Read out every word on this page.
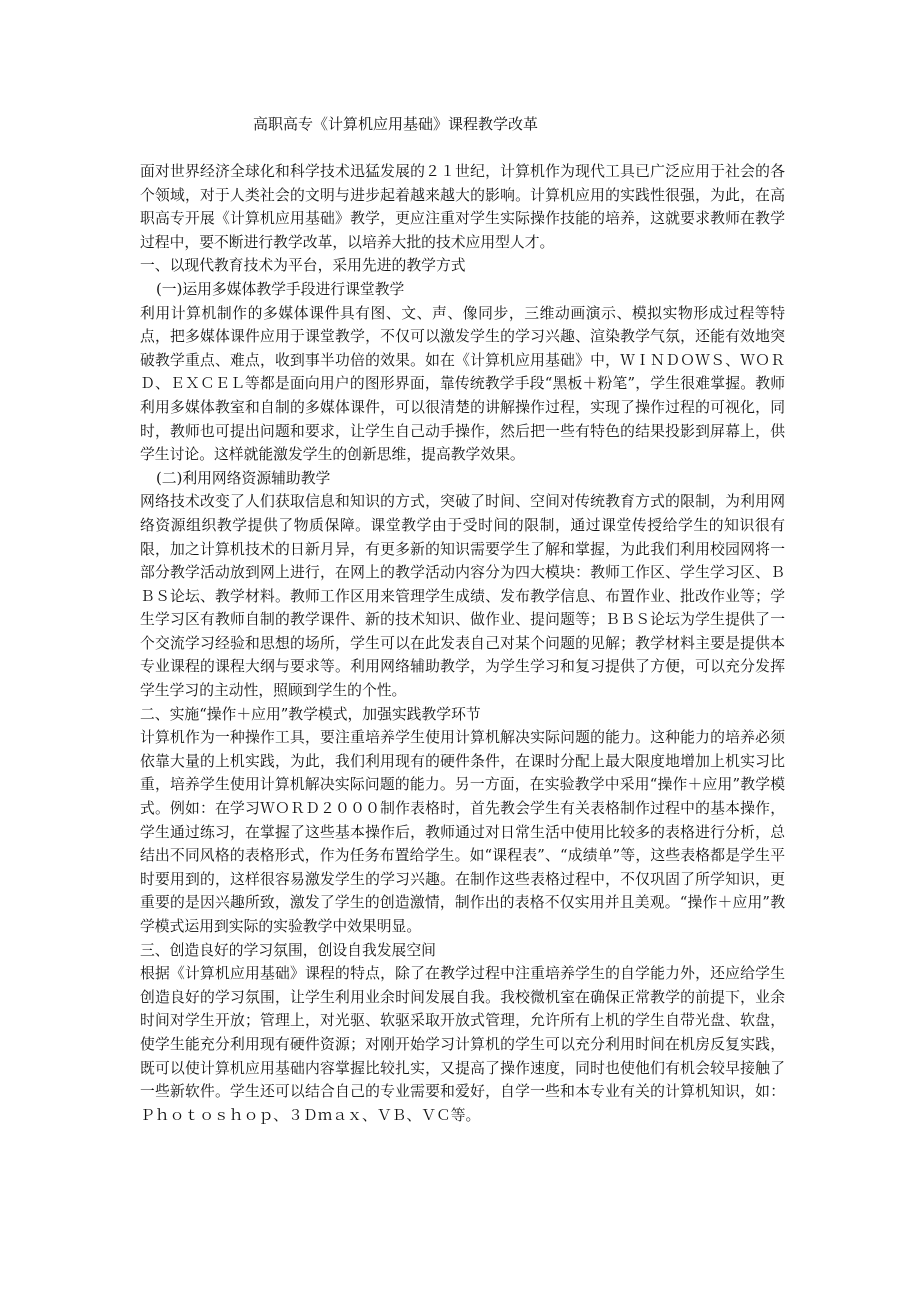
高职高专《计算机应用基础》课程教学改革

面对世界经济全球化和科学技术迅猛发展的２１世纪，计算机作为现代工具已广泛应用于社会的各个领域，对于人类社会的文明与进步起着越来越大的影响。计算机应用的实践性很强，为此，在高职高专开展《计算机应用基础》教学，更应注重对学生实际操作技能的培养，这就要求教师在教学过程中，要不断进行教学改革，以培养大批的技术应用型人才。

一、以现代教育技术为平台，采用先进的教学方式

(一)运用多媒体教学手段进行课堂教学

利用计算机制作的多媒体课件具有图、文、声、像同步，三维动画演示、模拟实物形成过程等特点，把多媒体课件应用于课堂教学，不仅可以激发学生的学习兴趣、渲染教学气氛，还能有效地突破教学重点、难点，收到事半功倍的效果。如在《计算机应用基础》中，ＷＩＮＤＯＷＳ、ＷＯＲＤ、ＥＸＣＥＬ等都是面向用户的图形界面，靠传统教学手段“黑板＋粉笔”，学生很难掌握。教师利用多媒体教室和自制的多媒体课件，可以很清楚的讲解操作过程，实现了操作过程的可视化，同时，教师也可提出问题和要求，让学生自己动手操作，然后把一些有特色的结果投影到屏幕上，供学生讨论。这样就能激发学生的创新思维，提高教学效果。

(二)利用网络资源辅助教学

网络技术改变了人们获取信息和知识的方式，突破了时间、空间对传统教育方式的限制，为利用网络资源组织教学提供了物质保障。课堂教学由于受时间的限制，通过课堂传授给学生的知识很有限，加之计算机技术的日新月异，有更多新的知识需要学生了解和掌握，为此我们利用校园网将一部分教学活动放到网上进行，在网上的教学活动内容分为四大模块：教师工作区、学生学习区、ＢＢＳ论坛、教学材料。教师工作区用来管理学生成绩、发布教学信息、布置作业、批改作业等；学生学习区有教师自制的教学课件、新的技术知识、做作业、提问题等；ＢＢＳ论坛为学生提供了一个交流学习经验和思想的场所，学生可以在此发表自己对某个问题的见解；教学材料主要是提供本专业课程的课程大纲与要求等。利用网络辅助教学，为学生学习和复习提供了方便，可以充分发挥学生学习的主动性，照顾到学生的个性。

二、实施“操作＋应用”教学模式，加强实践教学环节

计算机作为一种操作工具，要注重培养学生使用计算机解决实际问题的能力。这种能力的培养必须依靠大量的上机实践，为此，我们利用现有的硬件条件，在课时分配上最大限度地增加上机实习比重，培养学生使用计算机解决实际问题的能力。另一方面，在实验教学中采用“操作＋应用”教学模式。例如：在学习ＷＯＲＤ２０００制作表格时，首先教会学生有关表格制作过程中的基本操作，学生通过练习，在掌握了这些基本操作后，教师通过对日常生活中使用比较多的表格进行分析，总结出不同风格的表格形式，作为任务布置给学生。如“课程表”、“成绩单”等，这些表格都是学生平时要用到的，这样很容易激发学生的学习兴趣。在制作这些表格过程中，不仅巩固了所学知识，更重要的是因兴趣所致，激发了学生的创造激情，制作出的表格不仅实用并且美观。“操作＋应用”教学模式运用到实际的实验教学中效果明显。

三、创造良好的学习氛围，创设自我发展空间

根据《计算机应用基础》课程的特点，除了在教学过程中注重培养学生的自学能力外，还应给学生创造良好的学习氛围，让学生利用业余时间发展自我。我校微机室在确保正常教学的前提下，业余时间对学生开放；管理上，对光驱、软驱采取开放式管理，允许所有上机的学生自带光盘、软盘，使学生能充分利用现有硬件资源；对刚开始学习计算机的学生可以充分利用时间在机房反复实践，既可以使计算机应用基础内容掌握比较扎实，又提高了操作速度，同时也使他们有机会较早接触了一些新软件。学生还可以结合自己的专业需要和爱好，自学一些和本专业有关的计算机知识，如：Ｐｈｏｔｏｓｈｏｐ、３Ｄｍａｘ、ＶＢ、ＶＣ等。
